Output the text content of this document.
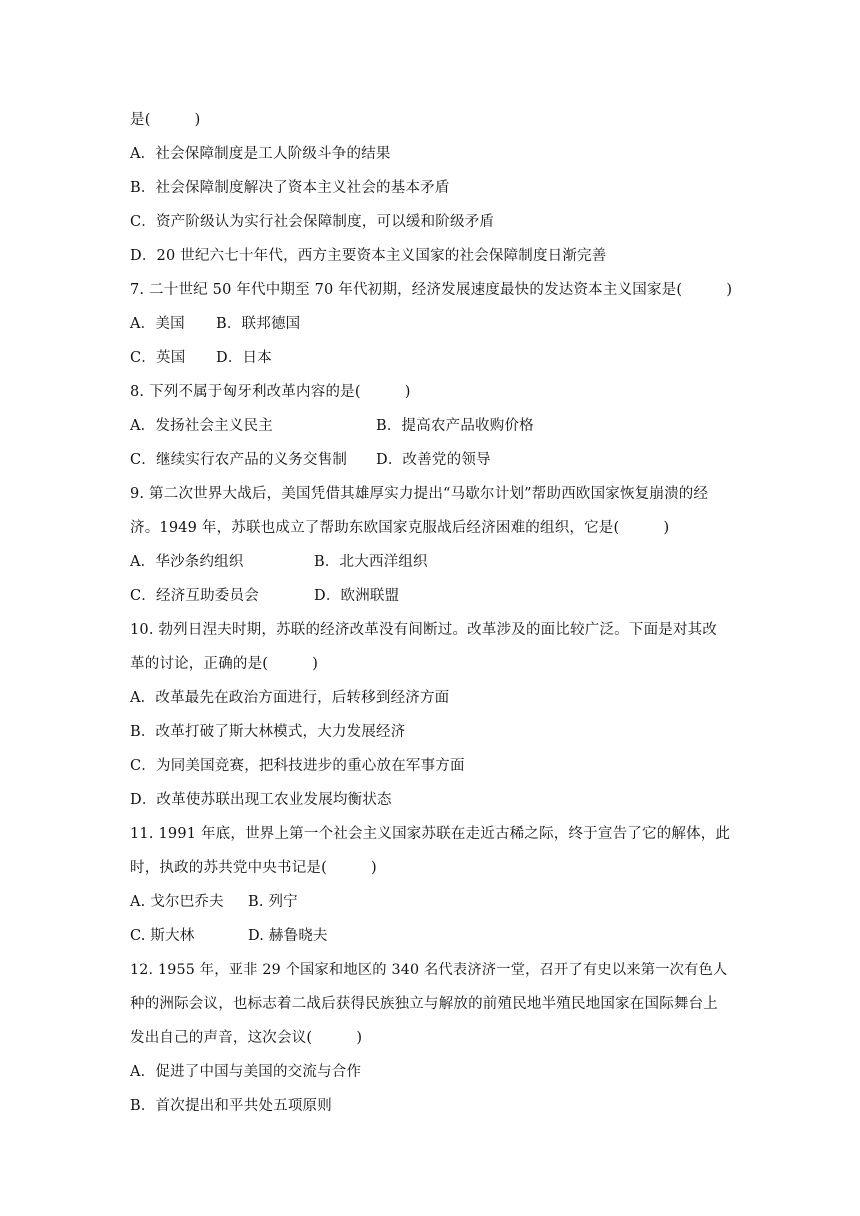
是(　　　)
A．社会保障制度是工人阶级斗争的结果
B．社会保障制度解决了资本主义社会的基本矛盾
C．资产阶级认为实行社会保障制度，可以缓和阶级矛盾
D．20 世纪六七十年代，西方主要资本主义国家的社会保障制度日渐完善
7. 二十世纪 50 年代中期至 70 年代初期，经济发展速度最快的发达资本主义国家是(　　　)
A．美国 B．联邦德国
C．英国 D．日本
8. 下列不属于匈牙利改革内容的是(　　　)
A．发扬社会主义民主	B．提高农产品收购价格
C．继续实行农产品的义务交售制 D．改善党的领导
9. 第二次世界大战后，美国凭借其雄厚实力提出“马歇尔计划”帮助西欧国家恢复崩溃的经
济。1949 年，苏联也成立了帮助东欧国家克服战后经济困难的组织，它是(　　　)
A．华沙条约组织	B．北大西洋组织
C．经济互助委员会	D．欧洲联盟
10. 勃列日涅夫时期，苏联的经济改革没有间断过。改革涉及的面比较广泛。下面是对其改
革的讨论，正确的是(　　　)
A．改革最先在政治方面进行，后转移到经济方面
B．改革打破了斯大林模式，大力发展经济
C．为同美国竞赛，把科技进步的重心放在军事方面
D．改革使苏联出现工农业发展均衡状态
11. 1991 年底，世界上第一个社会主义国家苏联在走近古稀之际，终于宣告了它的解体，此
时，执政的苏共党中央书记是(　　　)
A. 戈尔巴乔夫 B. 列宁
C. 斯大林	D. 赫鲁晓夫
12. 1955 年，亚非 29 个国家和地区的 340 名代表济济一堂，召开了有史以来第一次有色人
种的洲际会议，也标志着二战后获得民族独立与解放的前殖民地半殖民地国家在国际舞台上
发出自己的声音，这次会议(　　　)
A．促进了中国与美国的交流与合作
B．首次提出和平共处五项原则
